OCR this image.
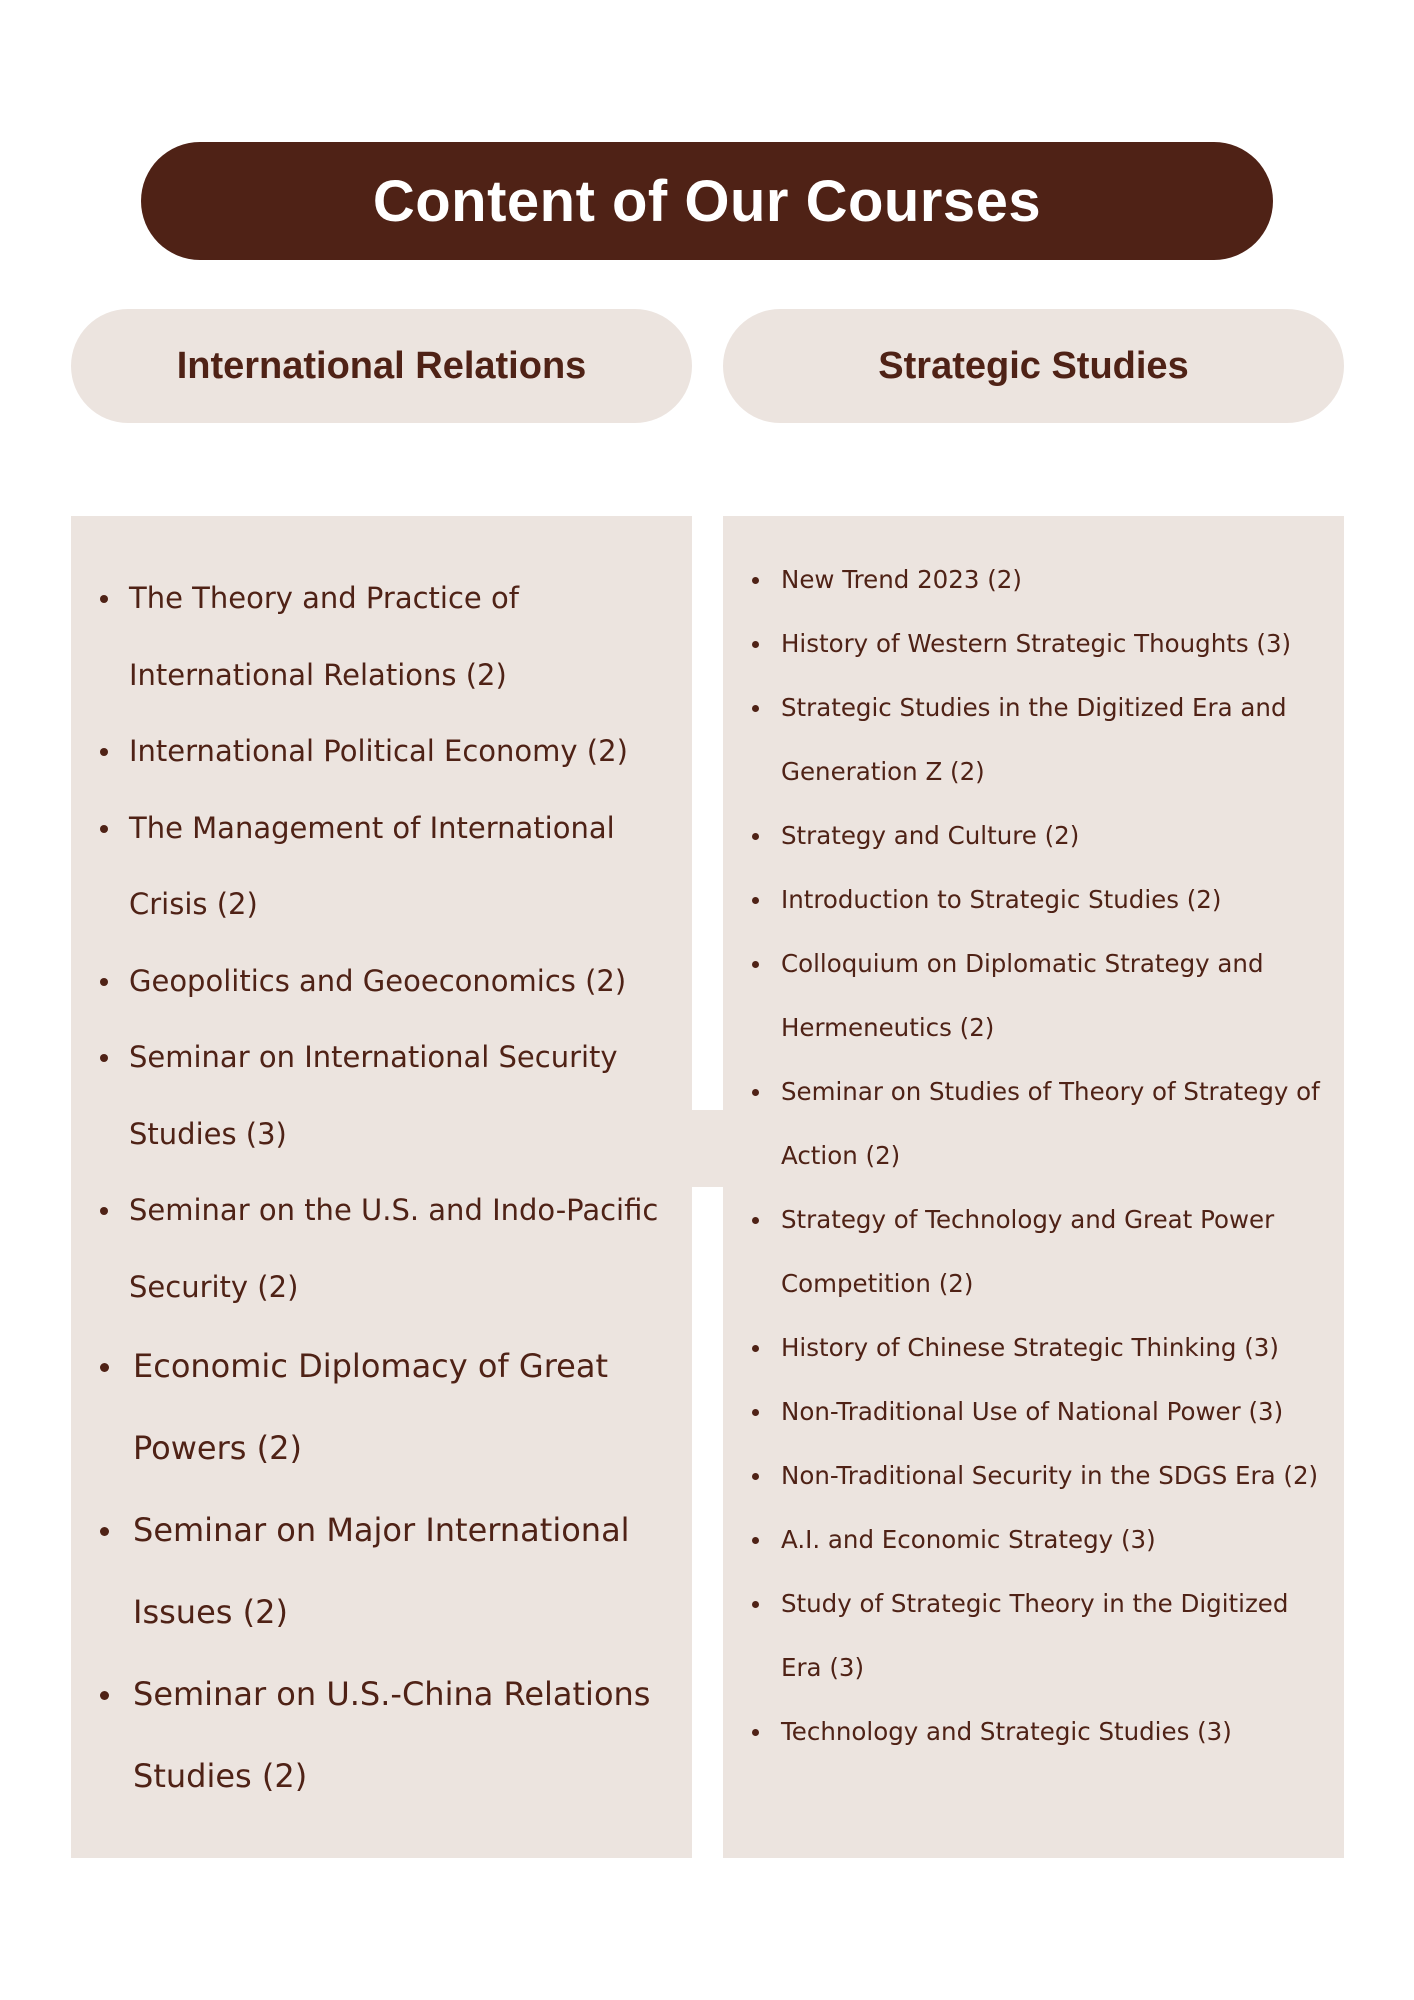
Content of Our Courses
International Relations	Strategic Studies
The Theory and Practice of International Relations (2)
International Political Economy (2)
The Management of International Crisis (2)
Geopolitics and Geoeconomics (2)
Seminar on International Security Studies (3)
Seminar on the U.S. and Indo-Pacific Security (2)
Economic Diplomacy of Great Powers (2)
Seminar on Major International Issues (2)
Seminar on U.S.-China Relations Studies (2)
New Trend 2023 (2)
History of Western Strategic Thoughts (3)
Strategic Studies in the Digitized Era and Generation Z (2)
Strategy and Culture (2)
Introduction to Strategic Studies (2)
Colloquium on Diplomatic Strategy and Hermeneutics (2)
Seminar on Studies of Theory of Strategy of Action (2)
Strategy of Technology and Great Power Competition (2)
History of Chinese Strategic Thinking (3)
Non-Traditional Use of National Power (3)
Non-Traditional Security in the SDGS Era (2)
A.I. and Economic Strategy (3)
Study of Strategic Theory in the Digitized Era (3)
Technology and Strategic Studies (3)
